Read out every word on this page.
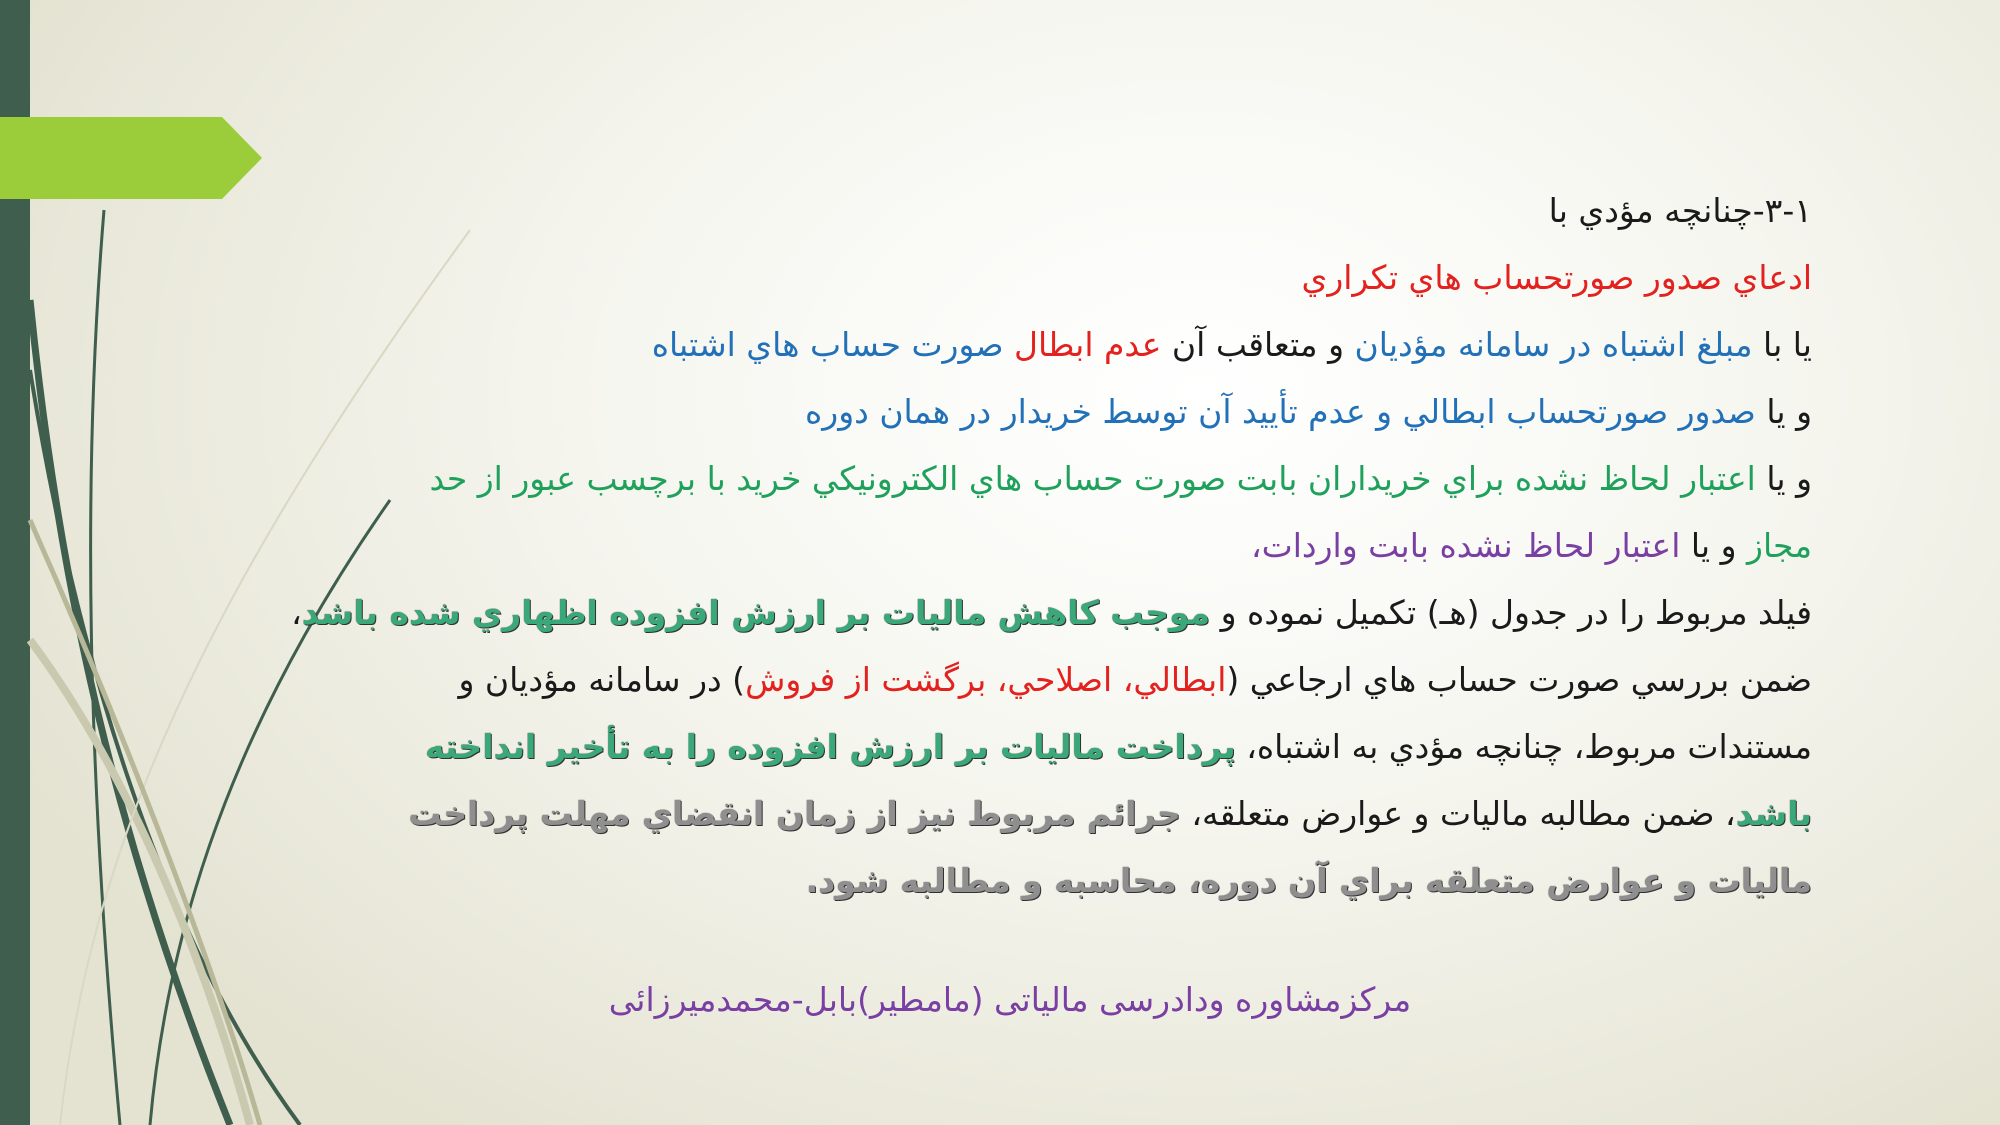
۳-۱-چنانچه مؤدي با
ادعاي صدور صورتحساب هاي تكراري
يا با مبلغ اشتباه در سامانه مؤديان و متعاقب آن عدم ابطال صورت حساب هاي اشتباه
و يا صدور صورتحساب ابطالي و عدم تأييد آن توسط خريدار در همان دوره
و يا اعتبار لحاظ نشده براي خريداران بابت صورت حساب هاي الكترونيكي خريد با برچسب عبور از حد
مجاز و يا اعتبار لحاظ نشده بابت واردات،
فيلد مربوط را در جدول (هـ) تكميل نموده و موجب كاهش ماليات بر ارزش افزوده اظهاري شده باشد،
ضمن بررسي صورت حساب هاي ارجاعي (ابطالي، اصلاحي، برگشت از فروش) در سامانه مؤديان و
مستندات مربوط، چنانچه مؤدي به اشتباه، پرداخت ماليات بر ارزش افزوده را به تأخير انداخته
باشد، ضمن مطالبه ماليات و عوارض متعلقه، جرائم مربوط نيز از زمان انقضاي مهلت پرداخت
ماليات و عوارض متعلقه براي آن دوره، محاسبه و مطالبه شود.
مرکزمشاوره ودادرسی مالیاتی (مامطیر)بابل-محمدمیرزائی
